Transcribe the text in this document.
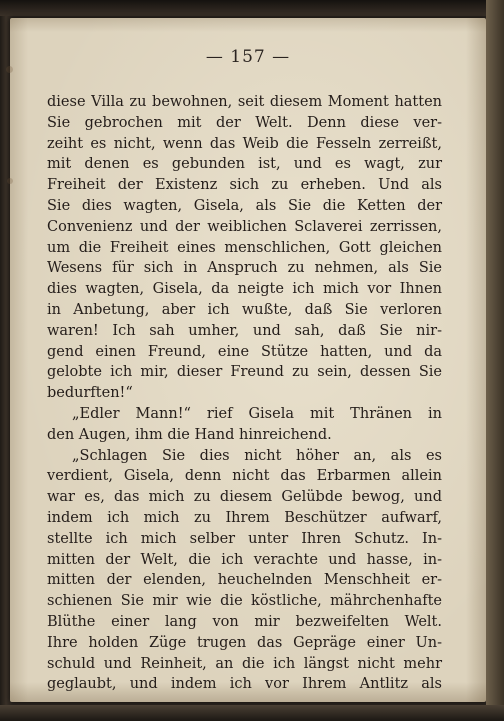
— 157 —
diese Villa zu bewohnen, seit diesem Moment hatten
Sie gebrochen mit der Welt. Denn diese ver-
zeiht es nicht, wenn das Weib die Fesseln zerreißt,
mit denen es gebunden ist, und es wagt, zur
Freiheit der Existenz sich zu erheben. Und als
Sie dies wagten, Gisela, als Sie die Ketten der
Convenienz und der weiblichen Sclaverei zerrissen,
um die Freiheit eines menschlichen, Gott gleichen
Wesens für sich in Anspruch zu nehmen, als Sie
dies wagten, Gisela, da neigte ich mich vor Ihnen
in Anbetung, aber ich wußte, daß Sie verloren
waren! Ich sah umher, und sah, daß Sie nir-
gend einen Freund, eine Stütze hatten, und da
gelobte ich mir, dieser Freund zu sein, dessen Sie
bedurften!“
„Edler Mann!“ rief Gisela mit Thränen in
den Augen, ihm die Hand hinreichend.
„Schlagen Sie dies nicht höher an, als es
verdient, Gisela, denn nicht das Erbarmen allein
war es, das mich zu diesem Gelübde bewog, und
indem ich mich zu Ihrem Beschützer aufwarf,
stellte ich mich selber unter Ihren Schutz. In-
mitten der Welt, die ich verachte und hasse, in-
mitten der elenden, heuchelnden Menschheit er-
schienen Sie mir wie die köstliche, mährchenhafte
Blüthe einer lang von mir bezweifelten Welt.
Ihre holden Züge trugen das Gepräge einer Un-
schuld und Reinheit, an die ich längst nicht mehr
geglaubt, und indem ich vor Ihrem Antlitz als
